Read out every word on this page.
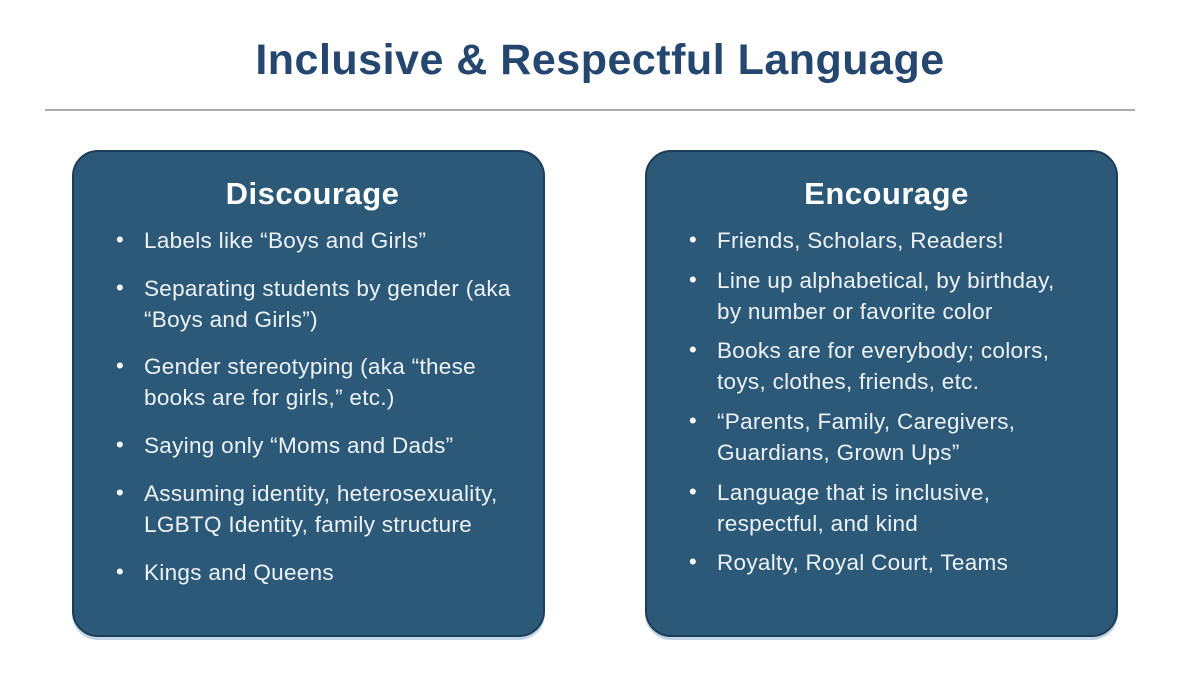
Inclusive & Respectful Language
Discourage
• Labels like “Boys and Girls”
• Separating students by gender (aka “Boys and Girls”)
• Gender stereotyping (aka “these books are for girls,” etc.)
• Saying only “Moms and Dads”
• Assuming identity, heterosexuality, LGBTQ Identity, family structure
• Kings and Queens
Encourage
• Friends, Scholars, Readers!
• Line up alphabetical, by birthday, by number or favorite color
• Books are for everybody; colors, toys, clothes, friends, etc.
• “Parents, Family, Caregivers, Guardians, Grown Ups”
• Language that is inclusive, respectful, and kind
• Royalty, Royal Court, Teams
